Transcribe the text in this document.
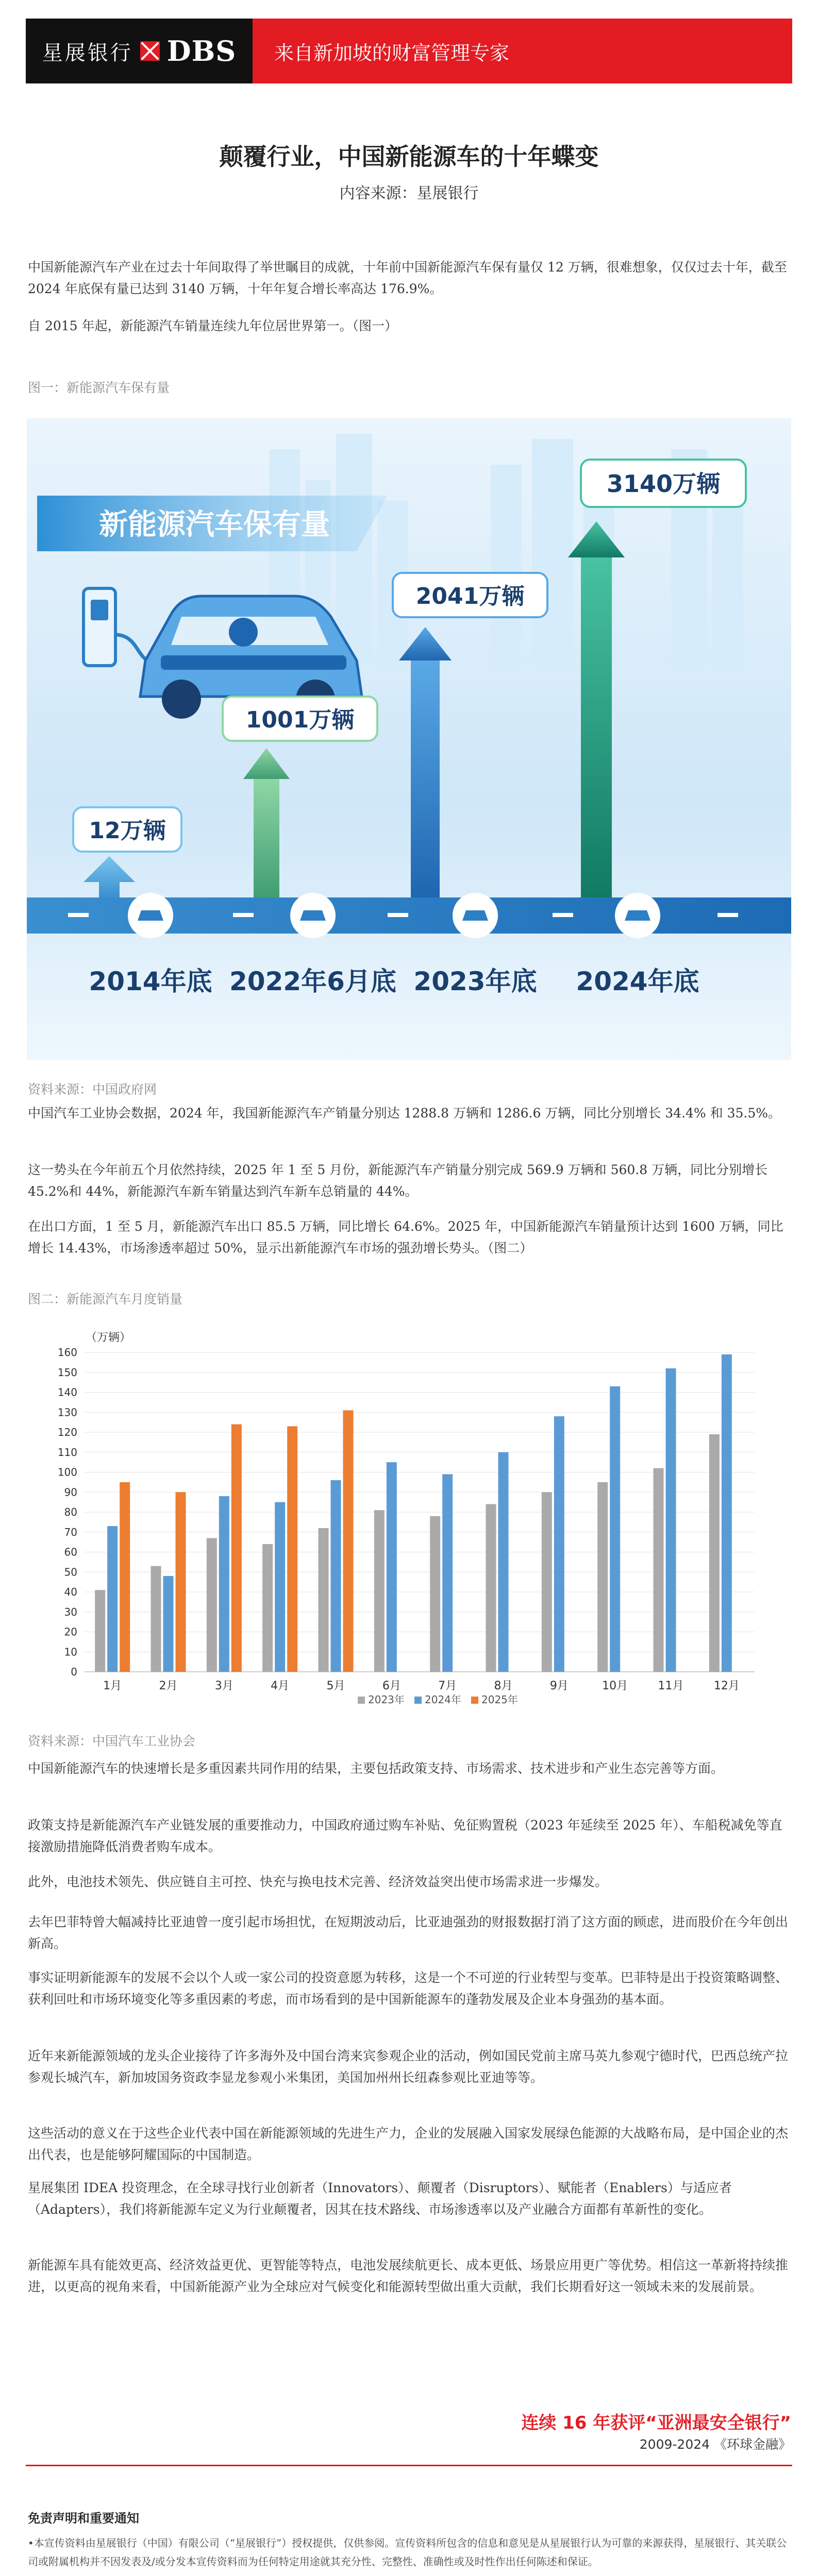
星展银行 DBS 来自新加坡的财富管理专家
颠覆行业，中国新能源车的十年蝶变
内容来源：星展银行

中国新能源汽车产业在过去十年间取得了举世瞩目的成就，十年前中国新能源汽车保有量仅 12 万辆，很难想象，仅仅过去十年，截至 2024 年底保有量已达到 3140 万辆，十年年复合增长率高达 176.9%。

自 2015 年起，新能源汽车销量连续九年位居世界第一。（图一）

图一：新能源汽车保有量
新能源汽车保有量
12万辆
1001万辆
2041万辆
3140万辆
2014年底 2022年6月底 2023年底 2024年底
资料来源：中国政府网

中国汽车工业协会数据，2024 年，我国新能源汽车产销量分别达 1288.8 万辆和 1286.6 万辆，同比分别增长 34.4% 和 35.5%。

这一势头在今年前五个月依然持续，2025 年 1 至 5 月份，新能源汽车产销量分别完成 569.9 万辆和 560.8 万辆，同比分别增长 45.2%和 44%，新能源汽车新车销量达到汽车新车总销量的 44%。

在出口方面，1 至 5 月，新能源汽车出口 85.5 万辆，同比增长 64.6%。2025 年，中国新能源汽车销量预计达到 1600 万辆，同比增长 14.43%，市场渗透率超过 50%，显示出新能源汽车市场的强劲增长势头。（图二）

图二：新能源汽车月度销量
（万辆）
0
10
20
30
40
50
60
70
80
90
100
110
120
130
140
150
160
1月	2月	3月	4月	5月	6月	7月	8月	9月	10月	11月	12月
2023年 2024年 2025年
资料来源：中国汽车工业协会

中国新能源汽车的快速增长是多重因素共同作用的结果，主要包括政策支持、市场需求、技术进步和产业生态完善等方面。

政策支持是新能源汽车产业链发展的重要推动力，中国政府通过购车补贴、免征购置税（2023 年延续至 2025 年）、车船税减免等直接激励措施降低消费者购车成本。

此外，电池技术领先、供应链自主可控、快充与换电技术完善、经济效益突出使市场需求进一步爆发。

去年巴菲特曾大幅减持比亚迪曾一度引起市场担忧，在短期波动后，比亚迪强劲的财报数据打消了这方面的顾虑，进而股价在今年创出新高。

事实证明新能源车的发展不会以个人或一家公司的投资意愿为转移，这是一个不可逆的行业转型与变革。巴菲特是出于投资策略调整、获利回吐和市场环境变化等多重因素的考虑，而市场看到的是中国新能源车的蓬勃发展及企业本身强劲的基本面。

近年来新能源领域的龙头企业接待了许多海外及中国台湾来宾参观企业的活动，例如国民党前主席马英九参观宁德时代，巴西总统产拉参观长城汽车，新加坡国务资政李显龙参观小米集团，美国加州州长纽森参观比亚迪等等。

这些活动的意义在于这些企业代表中国在新能源领域的先进生产力，企业的发展融入国家发展绿色能源的大战略布局，是中国企业的杰出代表，也是能够阿耀国际的中国制造。

星展集团 IDEA 投资理念，在全球寻找行业创新者（Innovators）、颠覆者（Disruptors）、赋能者（Enablers）与适应者（Adapters），我们将新能源车定义为行业颠覆者，因其在技术路线、市场渗透率以及产业融合方面都有革新性的变化。

新能源车具有能效更高、经济效益更优、更智能等特点，电池发展续航更长、成本更低、场景应用更广等优势。相信这一革新将持续推进，以更高的视角来看，中国新能源产业为全球应对气候变化和能源转型做出重大贡献，我们长期看好这一领域未来的发展前景。

连续 16 年获评“亚洲最安全银行”
2009-2024 《环球金融》
免责声明和重要通知

•本宣传资料由星展银行（中国）有限公司（“星展银行”）授权提供，仅供参阅。宣传资料所包含的信息和意见是从星展银行认为可靠的来源获得，星展银行、其关联公司或附属机构并不因发表及/或分发本宣传资料而为任何特定用途就其充分性、完整性、准确性或及时性作出任何陈述和保证。
